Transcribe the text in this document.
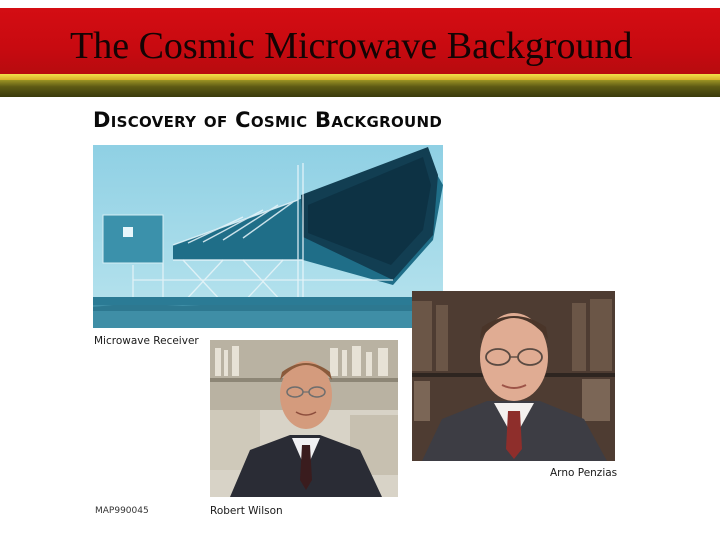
The Cosmic Microwave Background
Discovery of Cosmic Background
Microwave Receiver
Robert Wilson
Arno Penzias
MAP990045
